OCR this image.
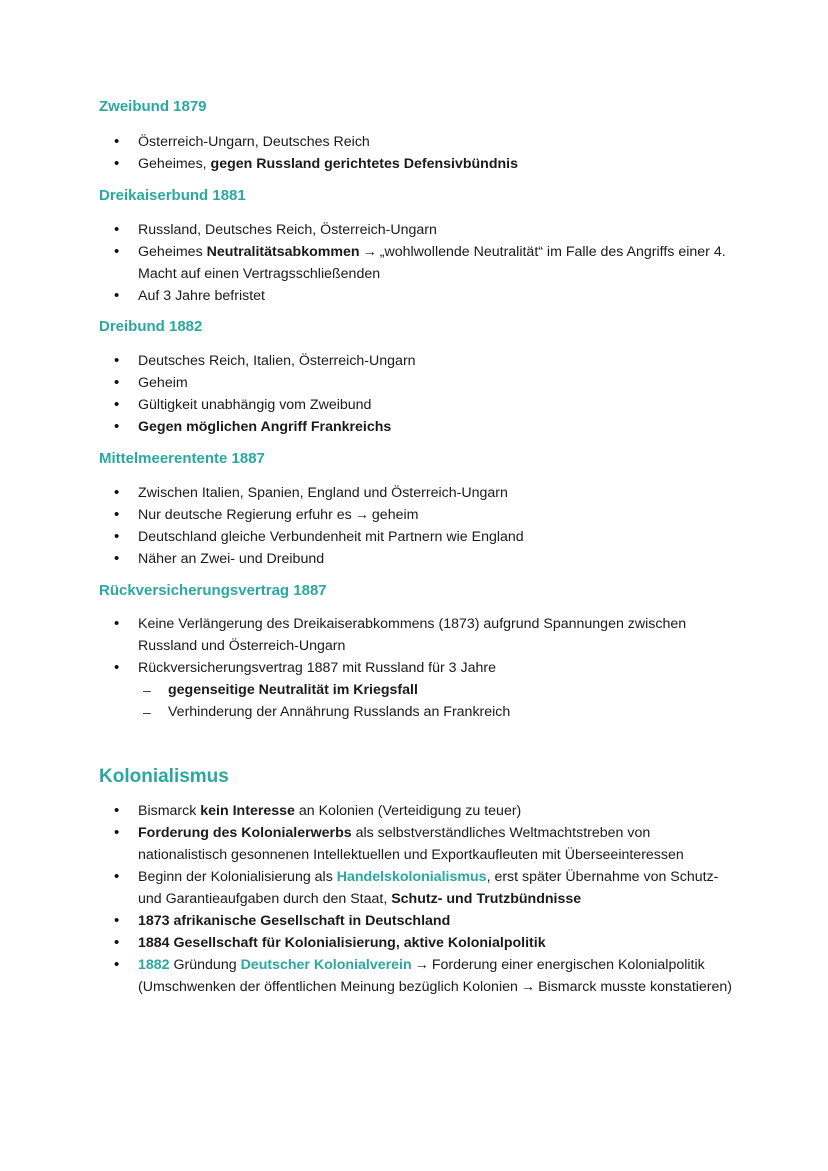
Zweibund 1879
• Österreich-Ungarn, Deutsches Reich
• Geheimes, gegen Russland gerichtetes Defensivbündnis
Dreikaiserbund 1881
• Russland, Deutsches Reich, Österreich-Ungarn
• Geheimes Neutralitätsabkommen → „wohlwollende Neutralität“ im Falle des Angriffs einer 4. Macht auf einen Vertragsschließenden
• Auf 3 Jahre befristet
Dreibund 1882
• Deutsches Reich, Italien, Österreich-Ungarn
• Geheim
• Gültigkeit unabhängig vom Zweibund
• Gegen möglichen Angriff Frankreichs
Mittelmeerentente 1887
• Zwischen Italien, Spanien, England und Österreich-Ungarn
• Nur deutsche Regierung erfuhr es → geheim
• Deutschland gleiche Verbundenheit mit Partnern wie England
• Näher an Zwei- und Dreibund
Rückversicherungsvertrag 1887
• Keine Verlängerung des Dreikaiserabkommens (1873) aufgrund Spannungen zwischen Russland und Österreich-Ungarn
• Rückversicherungsvertrag 1887 mit Russland für 3 Jahre
– gegenseitige Neutralität im Kriegsfall
– Verhinderung der Annährung Russlands an Frankreich
Kolonialismus
• Bismarck kein Interesse an Kolonien (Verteidigung zu teuer)
• Forderung des Kolonialerwerbs als selbstverständliches Weltmachtstreben von nationalistisch gesonnenen Intellektuellen und Exportkaufleuten mit Überseeinteressen
• Beginn der Kolonialisierung als Handelskolonialismus, erst später Übernahme von Schutz- und Garantieaufgaben durch den Staat, Schutz- und Trutzbündnisse
• 1873 afrikanische Gesellschaft in Deutschland
• 1884 Gesellschaft für Kolonialisierung, aktive Kolonialpolitik
• 1882 Gründung Deutscher Kolonialverein → Forderung einer energischen Kolonialpolitik
(Umschwenken der öffentlichen Meinung bezüglich Kolonien → Bismarck musste konstatieren)
